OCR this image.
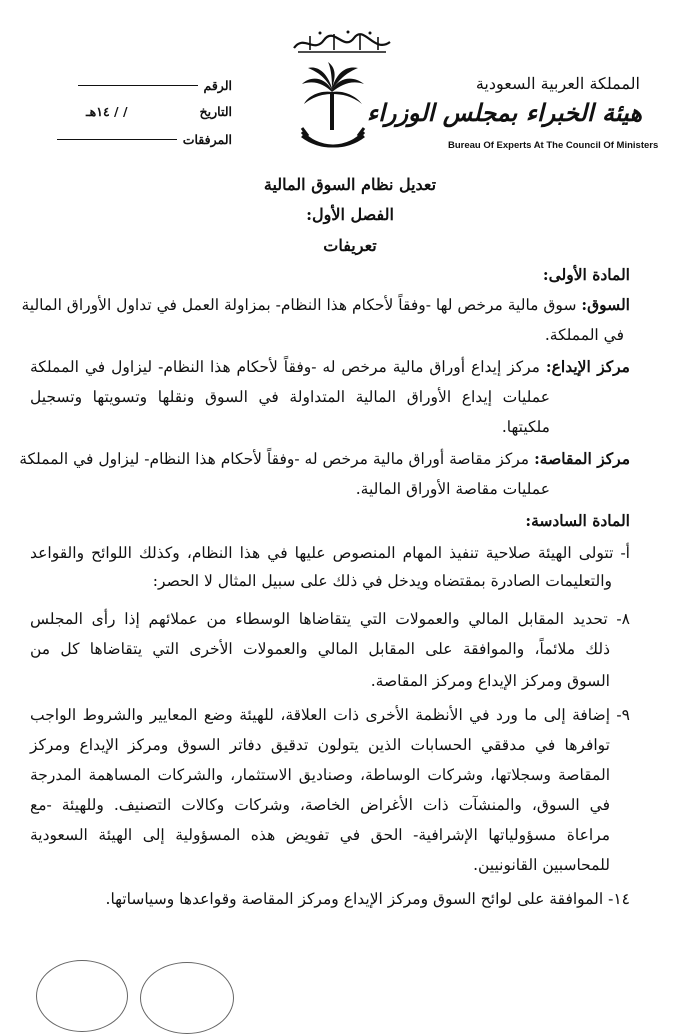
المملكة العربية السعودية
هيئة الخبراء بمجلس الوزراء
Bureau Of Experts At The Council Of Ministers
الرقم
التاريخ
/ / ١٤هـ
المرفقات
تعديل نظام السوق المالية
الفصل الأول:
تعريفات
المادة الأولى:
السوق: سوق مالية مرخص لها -وفقاً لأحكام هذا النظام- بمزاولة العمل في تداول الأوراق المالية
في المملكة.
مركز الإيداع: مركز إيداع أوراق مالية مرخص له -وفقاً لأحكام هذا النظام- ليزاول في المملكة
عمليات إيداع الأوراق المالية المتداولة في السوق ونقلها وتسويتها وتسجيل
ملكيتها.
مركز المقاصة: مركز مقاصة أوراق مالية مرخص له -وفقاً لأحكام هذا النظام- ليزاول في المملكة
عمليات مقاصة الأوراق المالية.
المادة السادسة:
أ- تتولى الهيئة صلاحية تنفيذ المهام المنصوص عليها في هذا النظام، وكذلك اللوائح والقواعد
والتعليمات الصادرة بمقتضاه ويدخل في ذلك على سبيل المثال لا الحصر:
٨- تحديد المقابل المالي والعمولات التي يتقاضاها الوسطاء من عملائهم إذا رأى المجلس
ذلك ملائماً، والموافقة على المقابل المالي والعمولات الأخرى التي يتقاضاها كل من
السوق ومركز الإيداع ومركز المقاصة.
٩- إضافة إلى ما ورد في الأنظمة الأخرى ذات العلاقة، للهيئة وضع المعايير والشروط الواجب
توافرها في مدققي الحسابات الذين يتولون تدقيق دفاتر السوق ومركز الإيداع ومركز
المقاصة وسجلاتها، وشركات الوساطة، وصناديق الاستثمار، والشركات المساهمة المدرجة
في السوق، والمنشآت ذات الأغراض الخاصة، وشركات وكالات التصنيف. وللهيئة -مع
مراعاة مسؤولياتها الإشرافية- الحق في تفويض هذه المسؤولية إلى الهيئة السعودية
للمحاسبين القانونيين.
١٤- الموافقة على لوائح السوق ومركز الإيداع ومركز المقاصة وقواعدها وسياساتها.
